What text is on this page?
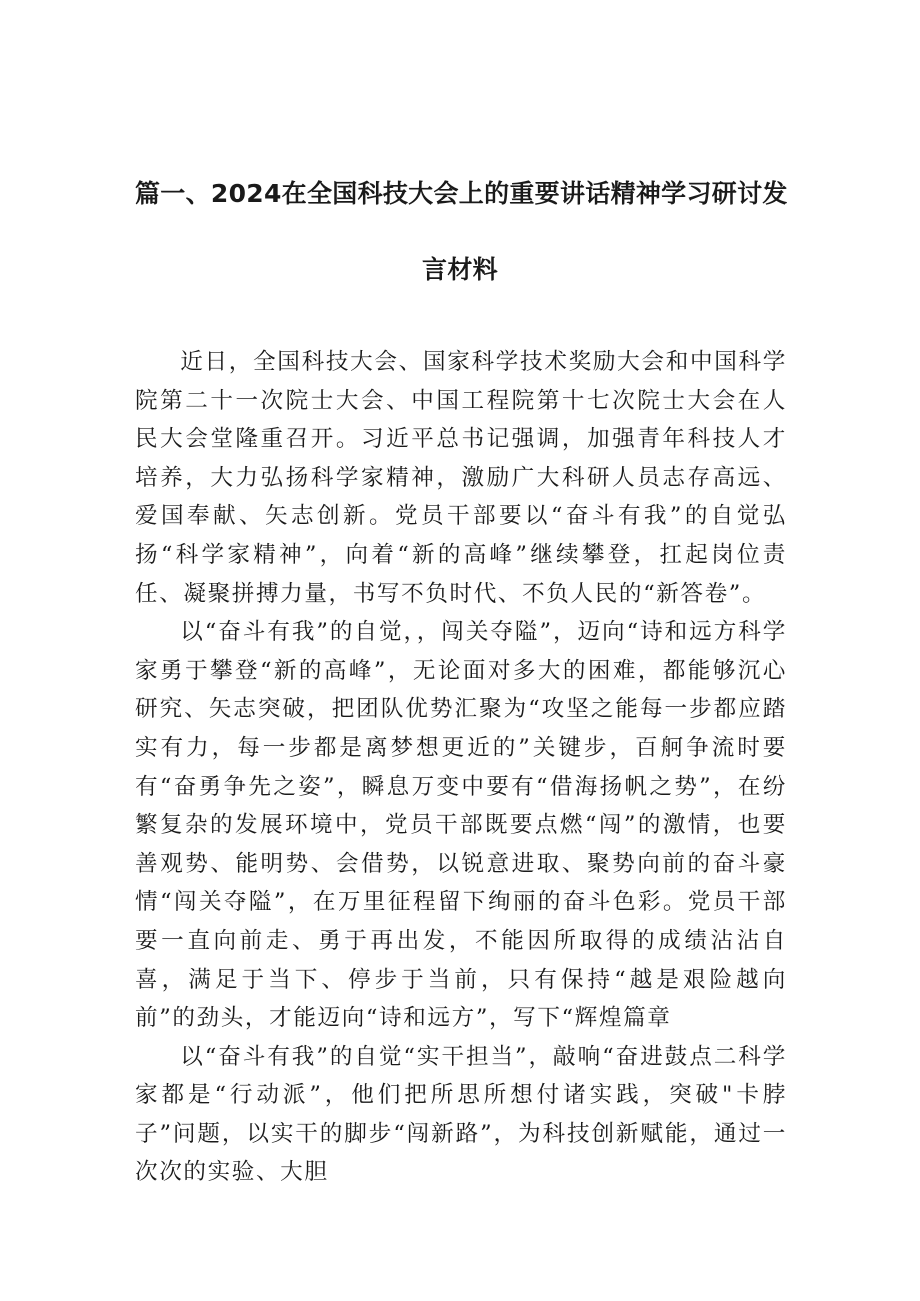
篇一、2024在全国科技大会上的重要讲话精神学习研讨发
言材料

近日，全国科技大会、国家科学技术奖励大会和中国科学院第二十一次院士大会、中国工程院第十七次院士大会在人民大会堂隆重召开。习近平总书记强调，加强青年科技人才培养，大力弘扬科学家精神，激励广大科研人员志存高远、爱国奉献、矢志创新。党员干部要以“奋斗有我”的自觉弘扬“科学家精神”，向着“新的高峰”继续攀登，扛起岗位责任、凝聚拼搏力量，书写不负时代、不负人民的“新答卷”。

以“奋斗有我”的自觉，，闯关夺隘”，迈向“诗和远方科学家勇于攀登“新的高峰”，无论面对多大的困难，都能够沉心研究、矢志突破，把团队优势汇聚为“攻坚之能每一步都应踏实有力，每一步都是离梦想更近的”关键步，百舸争流时要有“奋勇争先之姿”，瞬息万变中要有“借海扬帆之势”，在纷繁复杂的发展环境中，党员干部既要点燃“闯”的激情，也要善观势、能明势、会借势，以锐意进取、聚势向前的奋斗豪情“闯关夺隘”，在万里征程留下绚丽的奋斗色彩。党员干部要一直向前走、勇于再出发，不能因所取得的成绩沾沾自喜，满足于当下、停步于当前，只有保持“越是艰险越向前”的劲头，才能迈向“诗和远方”，写下“辉煌篇章

以“奋斗有我”的自觉“实干担当”，敲响“奋进鼓点二科学家都是“行动派”，他们把所思所想付诸实践，突破"卡脖子”问题，以实干的脚步“闯新路”，为科技创新赋能，通过一次次的实验、大胆
